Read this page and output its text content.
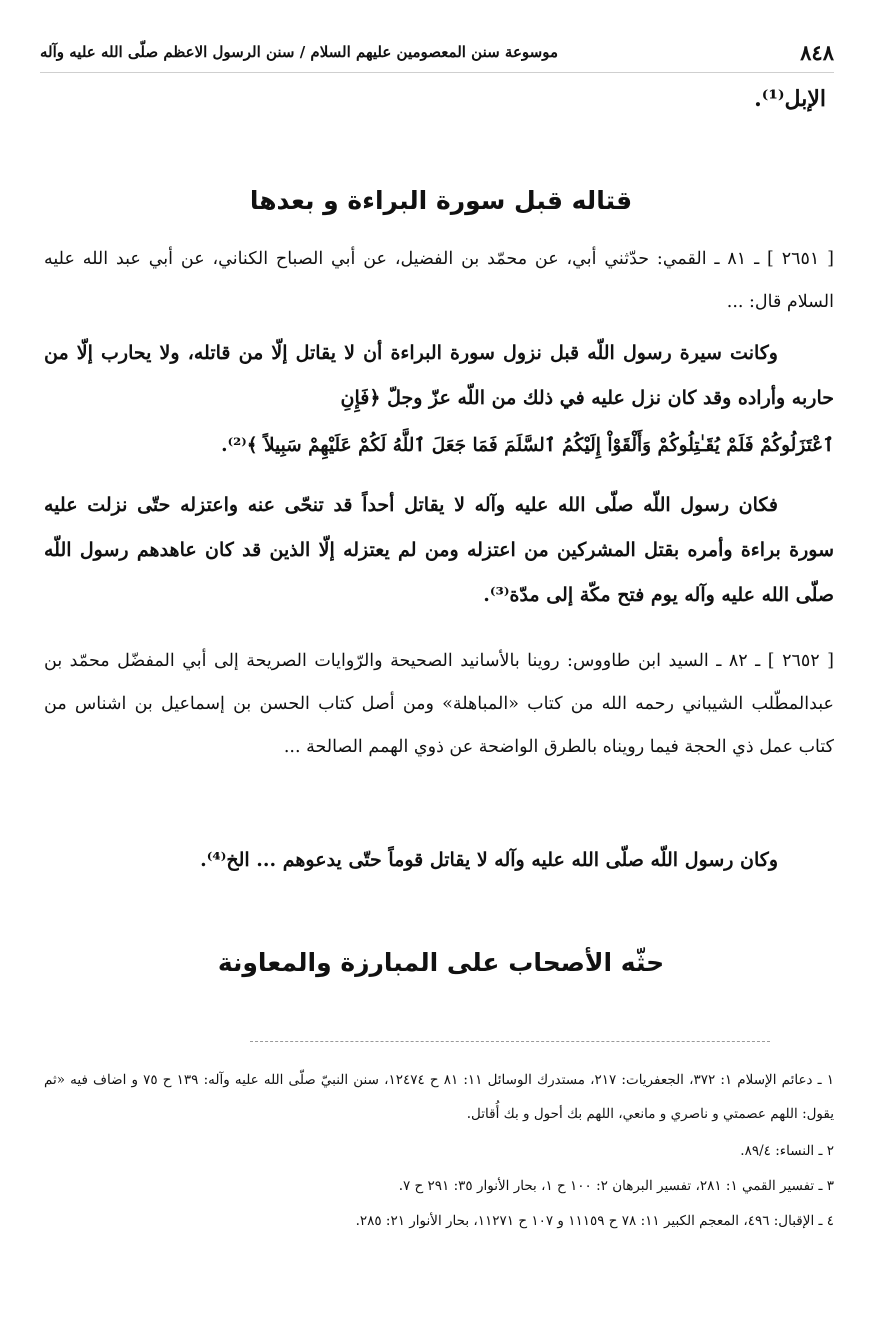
٨٤٨
موسوعة سنن المعصومين عليهم السلام / سنن الرسول الاعظم صلّى الله عليه وآله
الإبل⁽¹⁾.
قتاله قبل سورة البراءة و بعدها

[ ٢٦٥١ ] ـ ٨١ ـ القمي: حدّثني أبي، عن محمّد بن الفضيل، عن أبي الصباح الكناني، عن أبي عبد الله عليه السلام قال: ...

وكانت سيرة رسول اللّه قبل نزول سورة البراءة أن لا يقاتل إلّا من قاتله، ولا يحارب إلّا من حاربه وأراده وقد كان نزل عليه في ذلك من اللّه عزّ وجلّ ﴿فَإِنِ

ٱعْتَزَلُوكُمْ فَلَمْ يُقَـٰتِلُوكُمْ وَأَلْقَوْاْ إِلَيْكُمُ ٱلسَّلَمَ فَمَا جَعَلَ ٱللَّهُ لَكُمْ عَلَيْهِمْ سَبِيلاً ﴾⁽²⁾.

فكان رسول اللّه صلّى الله عليه وآله لا يقاتل أحداً قد تنحّى عنه واعتزله حتّى نزلت عليه سورة براءة وأمره بقتل المشركين من اعتزله ومن لم يعتزله إلّا الذين قد كان عاهدهم رسول اللّه صلّى الله عليه وآله يوم فتح مكّة إلى مدّة⁽³⁾.

[ ٢٦٥٢ ] ـ ٨٢ ـ السيد ابن طاووس: روينا بالأسانيد الصحيحة والرّوايات الصريحة إلى أبي المفضّل محمّد بن عبدالمطّلب الشيباني رحمه الله من كتاب «المباهلة» ومن أصل كتاب الحسن بن إسماعيل بن اشناس من كتاب عمل ذي الحجة فيما رويناه بالطرق الواضحة عن ذوي الهمم الصالحة ...

وكان رسول اللّه صلّى الله عليه وآله لا يقاتل قوماً حتّى يدعوهم ... الخ⁽⁴⁾.

حثّه الأصحاب على المبارزة والمعاونة

١ ـ دعائم الإسلام ١: ٣٧٢، الجعفريات: ٢١٧، مستدرك الوسائل ١١: ٨١ ح ١٢٤٧٤، سنن النبيّ صلّى الله عليه وآله: ١٣٩ ح ٧٥ و اضاف فيه «ثم يقول: اللهم عصمتي و ناصري و مانعي، اللهم بك أحول و بك أُقاتل.

٢ ـ النساء: ٨٩/٤.

٣ ـ تفسير القمي ١: ٢٨١، تفسير البرهان ٢: ١٠٠ ح ١، بحار الأنوار ٣٥: ٢٩١ ح ٧.

٤ ـ الإقبال: ٤٩٦، المعجم الكبير ١١: ٧٨ ح ١١١٥٩ و ١٠٧ ح ١١٢٧١، بحار الأنوار ٢١: ٢٨٥.
